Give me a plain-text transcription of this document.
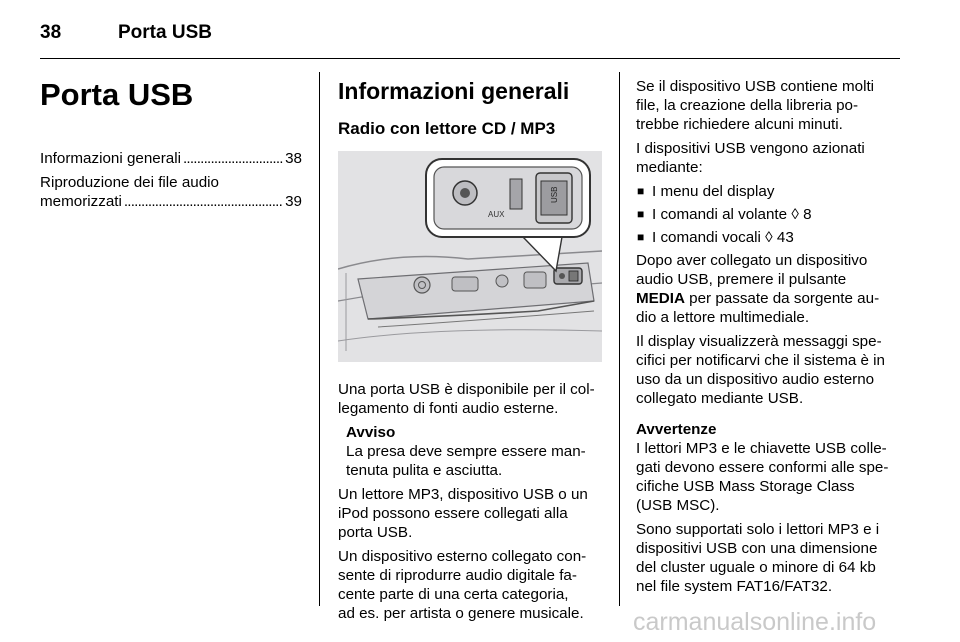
38	Porta USB
Porta USB
Informazioni generali . . .	38
Riproduzione dei file audio
memorizzati . . .	39
Informazioni generali
Radio con lettore CD / MP3
AUX
USB

Una porta USB è disponibile per il col-
legamento di fonti audio esterne.

Avviso
La presa deve sempre essere man-
tenuta pulita e asciutta.

Un lettore MP3, dispositivo USB o un
iPod possono essere collegati alla
porta USB.

Un dispositivo esterno collegato con-
sente di riprodurre audio digitale fa-
cente parte di una certa categoria,
ad es. per artista o genere musicale.

Se il dispositivo USB contiene molti
file, la creazione della libreria po-
trebbe richiedere alcuni minuti.

I dispositivi USB vengono azionati
mediante:

■ I menu del display
■ I comandi al volante ◊ 8
■ I comandi vocali ◊ 43

Dopo aver collegato un dispositivo
audio USB, premere il pulsante
MEDIA per passate da sorgente au-
dio a lettore multimediale.

Il display visualizzerà messaggi spe-
cifici per notificarvi che il sistema è in
uso da un dispositivo audio esterno
collegato mediante USB.

Avvertenze

I lettori MP3 e le chiavette USB colle-
gati devono essere conformi alle spe-
cifiche USB Mass Storage Class
(USB MSC).

Sono supportati solo i lettori MP3 e i
dispositivi USB con una dimensione
del cluster uguale o minore di 64 kb
nel file system FAT16/FAT32.

carmanualsonline.info
